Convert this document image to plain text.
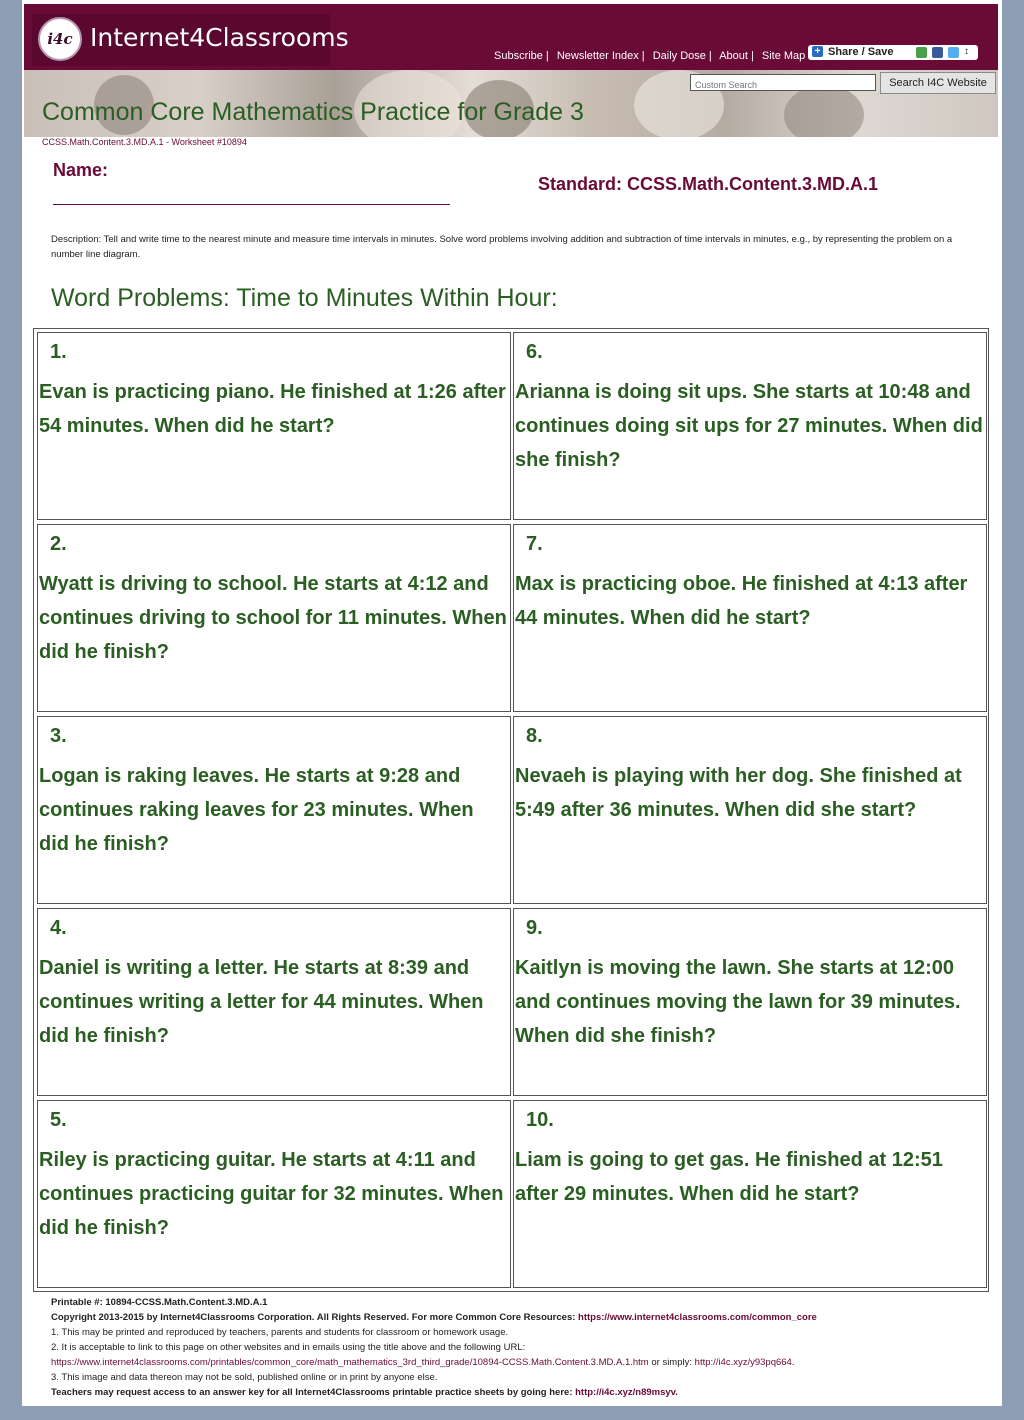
i4c Internet4Classrooms
Subscribe | Newsletter Index | Daily Dose | About | Site Map + Share / Save	↕
Custom Search
Search I4C Website
Common Core Mathematics Practice for Grade 3
CCSS.Math.Content.3.MD.A.1 - Worksheet #10894
Name:
Standard: CCSS.Math.Content.3.MD.A.1
Description: Tell and write time to the nearest minute and measure time intervals in minutes. Solve word problems involving addition and subtraction of time intervals in minutes, e.g., by representing the problem on a number line diagram.
Word Problems: Time to Minutes Within Hour:
1.
Evan is practicing piano. He finished at 1:26 after 54 minutes. When did he start?
2.
Wyatt is driving to school. He starts at 4:12 and continues driving to school for 11 minutes. When did he finish?
3.
Logan is raking leaves. He starts at 9:28 and continues raking leaves for 23 minutes. When did he finish?
4.
Daniel is writing a letter. He starts at 8:39 and continues writing a letter for 44 minutes. When did he finish?
5.
Riley is practicing guitar. He starts at 4:11 and continues practicing guitar for 32 minutes. When did he finish?
6.
Arianna is doing sit ups. She starts at 10:48 and continues doing sit ups for 27 minutes. When did she finish?
7.
Max is practicing oboe. He finished at 4:13 after 44 minutes. When did he start?
8.
Nevaeh is playing with her dog. She finished at 5:49 after 36 minutes. When did she start?
9.
Kaitlyn is moving the lawn. She starts at 12:00 and continues moving the lawn for 39 minutes. When did she finish?
10.
Liam is going to get gas. He finished at 12:51 after 29 minutes. When did he start?
Printable #: 10894-CCSS.Math.Content.3.MD.A.1
Copyright 2013-2015 by Internet4Classrooms Corporation. All Rights Reserved. For more Common Core Resources: https://www.internet4classrooms.com/common_core
1. This may be printed and reproduced by teachers, parents and students for classroom or homework usage.
2. It is acceptable to link to this page on other websites and in emails using the title above and the following URL:
https://www.internet4classrooms.com/printables/common_core/math_mathematics_3rd_third_grade/10894-CCSS.Math.Content.3.MD.A.1.htm or simply: http://i4c.xyz/y93pq664.
3. This image and data thereon may not be sold, published online or in print by anyone else.
Teachers may request access to an answer key for all Internet4Classrooms printable practice sheets by going here: http://i4c.xyz/n89msyv.
